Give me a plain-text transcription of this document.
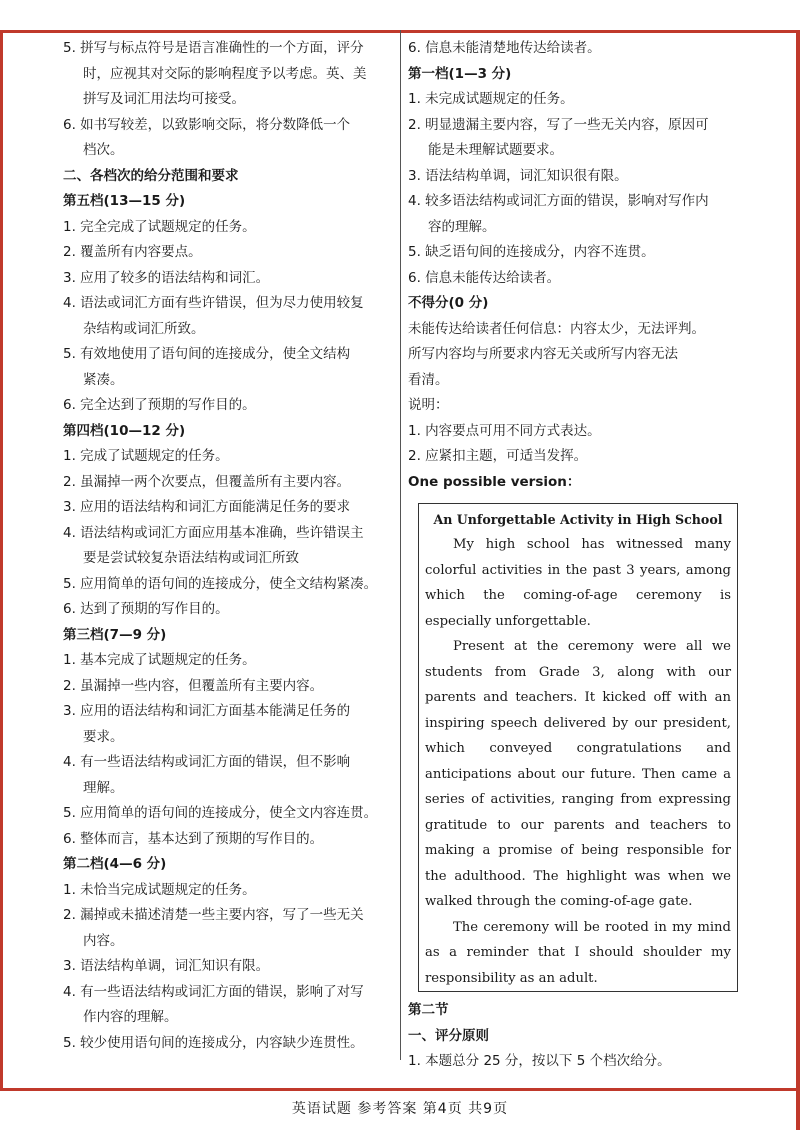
5. 拼写与标点符号是语言准确性的一个方面，评分
时，应视其对交际的影响程度予以考虑。英、美
拼写及词汇用法均可接受。
6. 如书写较差，以致影响交际，将分数降低一个
档次。
二、各档次的给分范围和要求
第五档(13—15 分)
1. 完全完成了试题规定的任务。
2. 覆盖所有内容要点。
3. 应用了较多的语法结构和词汇。
4. 语法或词汇方面有些许错误，但为尽力使用较复
杂结构或词汇所致。
5. 有效地使用了语句间的连接成分，使全文结构
紧凑。
6. 完全达到了预期的写作目的。
第四档(10—12 分)
1. 完成了试题规定的任务。
2. 虽漏掉一两个次要点，但覆盖所有主要内容。
3. 应用的语法结构和词汇方面能满足任务的要求
4. 语法结构或词汇方面应用基本准确，些许错误主
要是尝试较复杂语法结构或词汇所致
5. 应用简单的语句间的连接成分，使全文结构紧凑。
6. 达到了预期的写作目的。
第三档(7—9 分)
1. 基本完成了试题规定的任务。
2. 虽漏掉一些内容，但覆盖所有主要内容。
3. 应用的语法结构和词汇方面基本能满足任务的
要求。
4. 有一些语法结构或词汇方面的错误，但不影响
理解。
5. 应用简单的语句间的连接成分，使全文内容连贯。
6. 整体而言，基本达到了预期的写作目的。
第二档(4—6 分)
1. 未恰当完成试题规定的任务。
2. 漏掉或未描述清楚一些主要内容，写了一些无关
内容。
3. 语法结构单调，词汇知识有限。
4. 有一些语法结构或词汇方面的错误，影响了对写
作内容的理解。
5. 较少使用语句间的连接成分，内容缺少连贯性。
6. 信息未能清楚地传达给读者。
第一档(1—3 分)
1. 未完成试题规定的任务。
2. 明显遗漏主要内容，写了一些无关内容，原因可
能是未理解试题要求。
3. 语法结构单调，词汇知识很有限。
4. 较多语法结构或词汇方面的错误，影响对写作内
容的理解。
5. 缺乏语句间的连接成分，内容不连贯。
6. 信息未能传达给读者。
不得分(0 分)
未能传达给读者任何信息：内容太少，无法评判。
所写内容均与所要求内容无关或所写内容无法
看清。
说明：
1. 内容要点可用不同方式表达。
2. 应紧扣主题，可适当发挥。
One possible version：
An Unforgettable Activity in High School

My high school has witnessed many colorful activities in the past 3 years, among which the coming-of-age ceremony is especially unforgettable.

Present at the ceremony were all we students from Grade 3, along with our parents and teachers. It kicked off with an inspiring speech delivered by our president, which conveyed congratulations and anticipations about our future. Then came a series of activities, ranging from expressing gratitude to our parents and teachers to making a promise of being responsible for the adulthood. The highlight was when we walked through the coming-of-age gate.

The ceremony will be rooted in my mind as a reminder that I should shoulder my responsibility as an adult.

第二节
一、评分原则
1. 本题总分 25 分，按以下 5 个档次给分。
英语试题 参考答案 第4页 共9页
